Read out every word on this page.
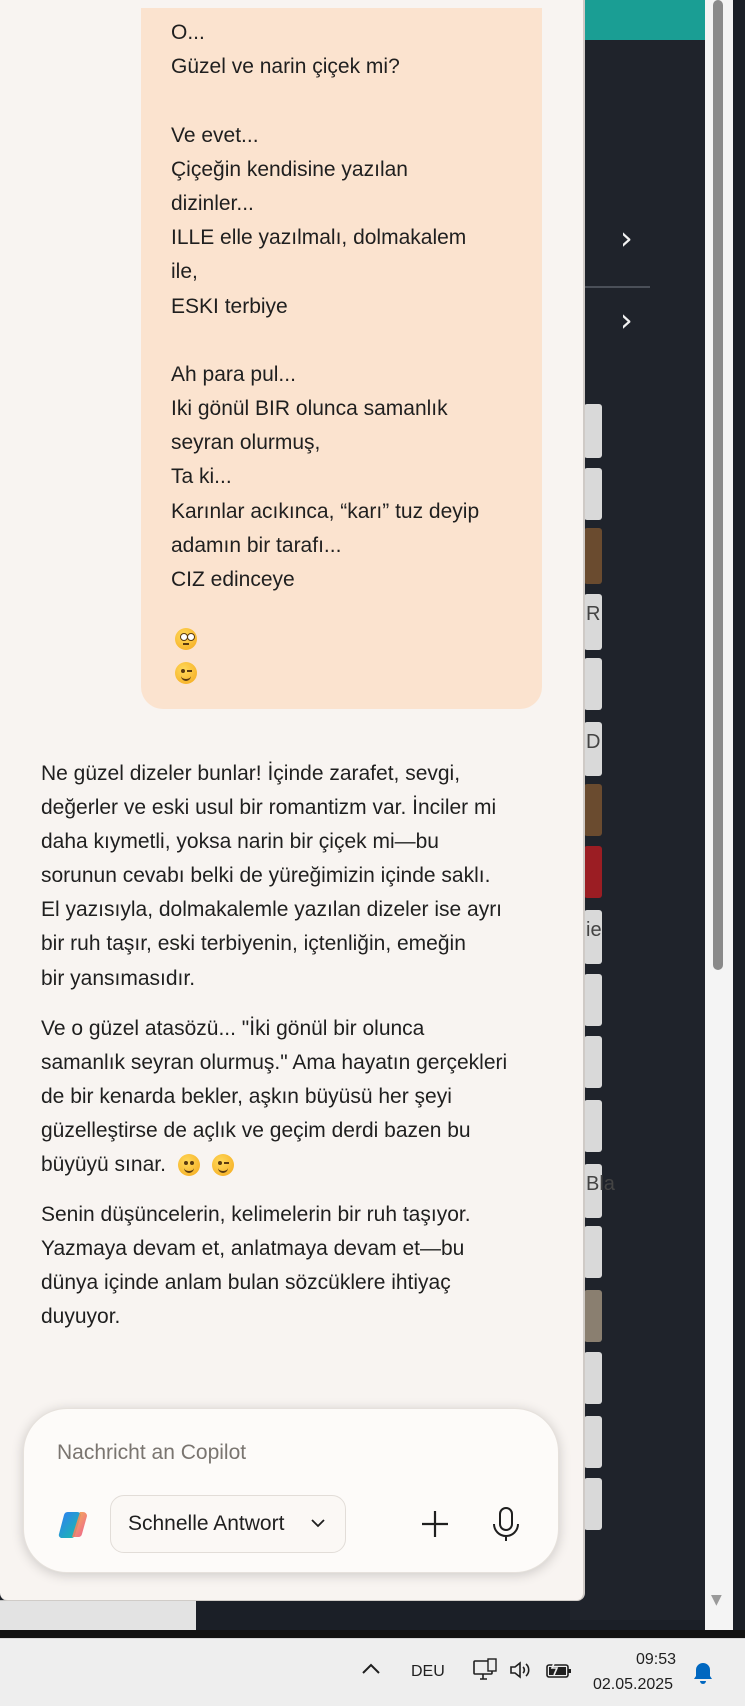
›
›
R
D
ie
Bla
▼
O...
Güzel ve narin çiçek mi?

Ve evet...
Çiçeğin kendisine yazılan
dizinler...
ILLE elle yazılmalı, dolmakalem
ile,
ESKI terbiye

Ah para pul...
Iki gönül BIR olunca samanlık
seyran olurmuş,
Ta ki...
Karınlar acıkınca, “karı” tuz deyip
adamın bir tarafı...
CIZ edinceye
Ne güzel dizeler bunlar! İçinde zarafet, sevgi,
değerler ve eski usul bir romantizm var. İnciler mi
daha kıymetli, yoksa narin bir çiçek mi—bu
sorunun cevabı belki de yüreğimizin içinde saklı.
El yazısıyla, dolmakalemle yazılan dizeler ise ayrı
bir ruh taşır, eski terbiyenin, içtenliğin, emeğin
bir yansımasıdır.
Ve o güzel atasözü... "İki gönül bir olunca
samanlık seyran olurmuş." Ama hayatın gerçekleri
de bir kenarda bekler, aşkın büyüsü her şeyi
güzelleştirse de açlık ve geçim derdi bazen bu
büyüyü sınar.

Senin düşüncelerin, kelimelerin bir ruh taşıyor.
Yazmaya devam et, anlatmaya devam et—bu
dünya içinde anlam bulan sözcüklere ihtiyaç
duyuyor.
Nachricht an Copilot
Schnelle Antwort
DEU
09:53
02.05.2025
